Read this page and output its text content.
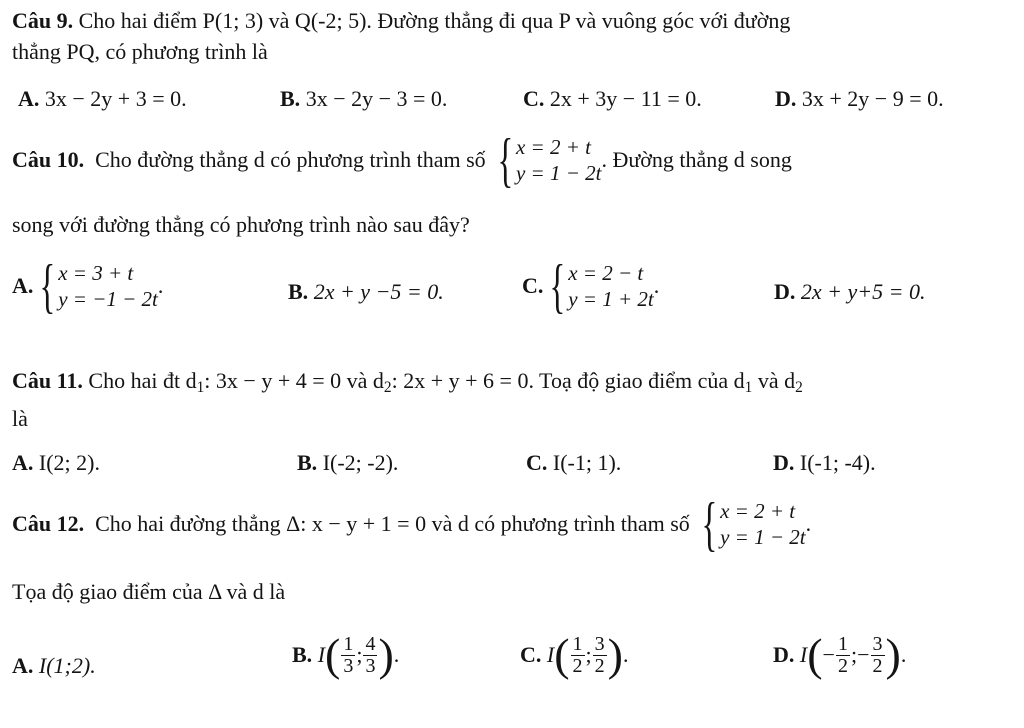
Câu 9. Cho hai điểm P(1; 3) và Q(-2; 5). Đường thẳng đi qua P và vuông góc với đường
thẳng PQ, có phương trình là
A. 3x − 2y + 3 = 0.	B. 3x − 2y − 3 = 0.	C. 2x + 3y − 11 = 0.	D. 3x + 2y − 9 = 0.
Câu 10.
Cho đường thẳng d có phương trình tham số
{ x = 2 + t
y = 1 − 2t
. Đường thẳng d song
song với đường thẳng có phương trình nào sau đây?
A. { x = 3 + t
y = −1 − 2t
.	B. 2x + y −5 = 0.	C. { x = 2 − t
y = 1 + 2t
.	D. 2x + y+5 = 0.
Câu 11. Cho hai đt $d_1$: 3x − y + 4 = 0 và $d_2$: 2x + y + 6 = 0. Toạ độ giao điểm của $d_1$ và $d_2$
là
A. I(2; 2).	B. I(-2; -2).	C. I(-1; 1).	D. I(-1; -4).
Câu 12.
Cho hai đường thẳng Δ: x − y + 1 = 0 và d có phương trình tham số
{ x = 2 + t
y = 1 − 2t
.
Tọa độ giao điểm của Δ và d là
A. I(1;2).	B.
I ( $\frac{1}{3}$ ; $\frac{4}{3}$ ) .	C.
I ( $\frac{1}{2}$ ; $\frac{3}{2}$ ) .	D.
I ( − $\frac{1}{2}$ ; − $\frac{3}{2}$ ) .
